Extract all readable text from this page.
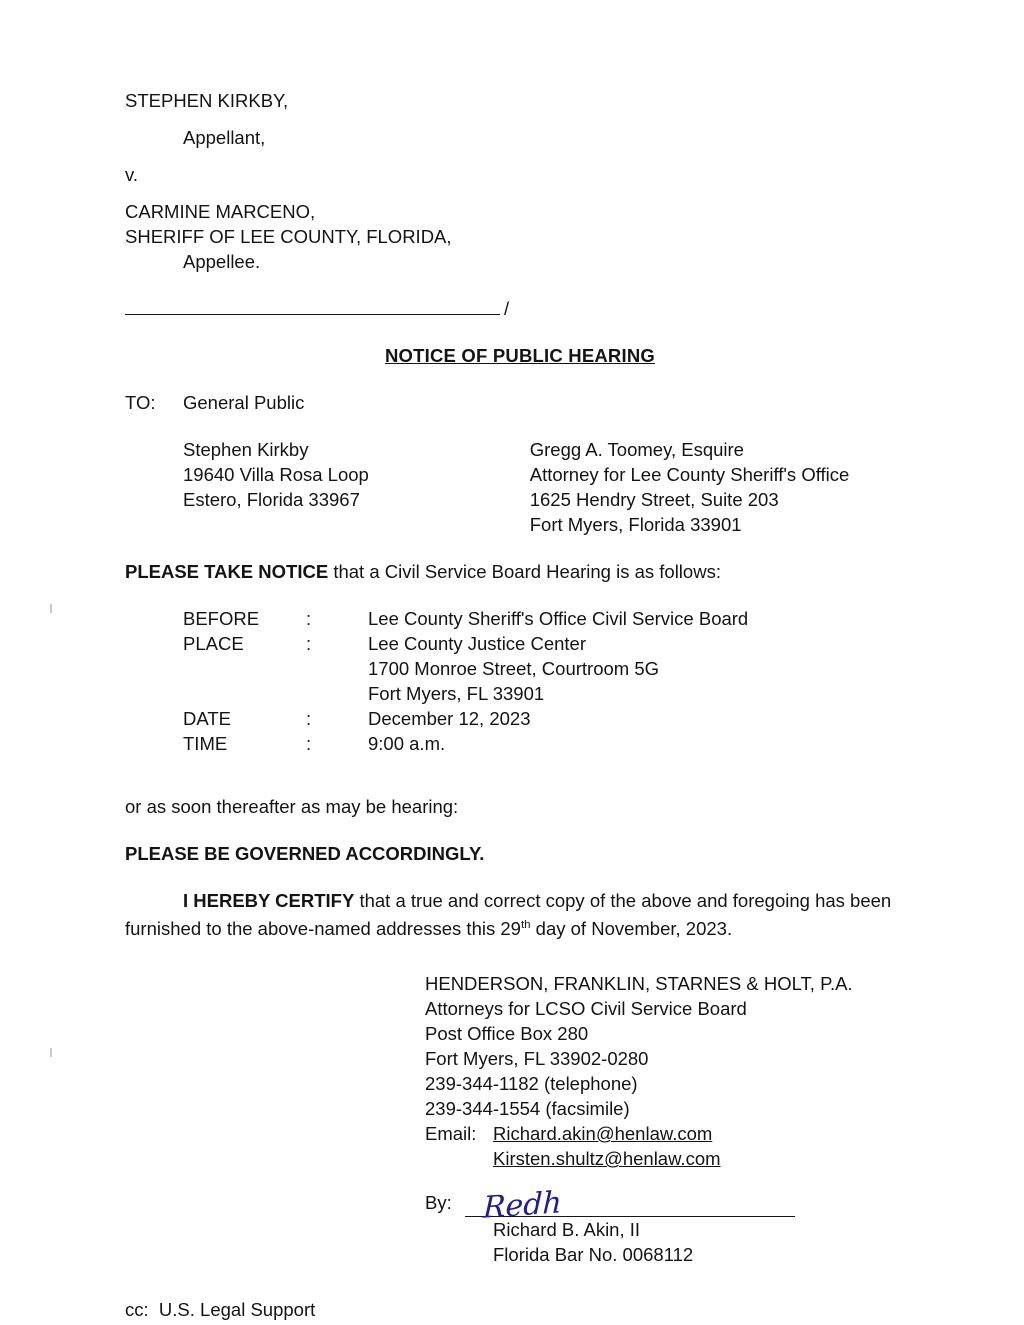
STEPHEN KIRKBY,
Appellant,
v.
CARMINE MARCENO,
SHERIFF OF LEE COUNTY, FLORIDA,
Appellee.
/
NOTICE OF PUBLIC HEARING
TO:	General Public
Stephen Kirkby
19640 Villa Rosa Loop
Estero, Florida 33967
Gregg A. Toomey, Esquire
Attorney for Lee County Sheriff's Office
1625 Hendry Street, Suite 203
Fort Myers, Florida 33901
PLEASE TAKE NOTICE that a Civil Service Board Hearing is as follows:
BEFORE	:	Lee County Sheriff's Office Civil Service Board
PLACE	:	Lee County Justice Center
1700 Monroe Street, Courtroom 5G
Fort Myers, FL 33901
DATE	:	December 12, 2023
TIME	:	9:00 a.m.
or as soon thereafter as may be hearing:
PLEASE BE GOVERNED ACCORDINGLY.
I HEREBY CERTIFY that a true and correct copy of the above and foregoing has been furnished to the above-named addresses this 29th day of November, 2023.
HENDERSON, FRANKLIN, STARNES & HOLT, P.A.
Attorneys for LCSO Civil Service Board
Post Office Box 280
Fort Myers, FL 33902-0280
239-344-1182 (telephone)
239-344-1554 (facsimile)
Email: Richard.akin@henlaw.com
Kirsten.shultz@henlaw.com
By:	Redh
Richard B. Akin, II
Florida Bar No. 0068112
cc:  U.S. Legal Support
